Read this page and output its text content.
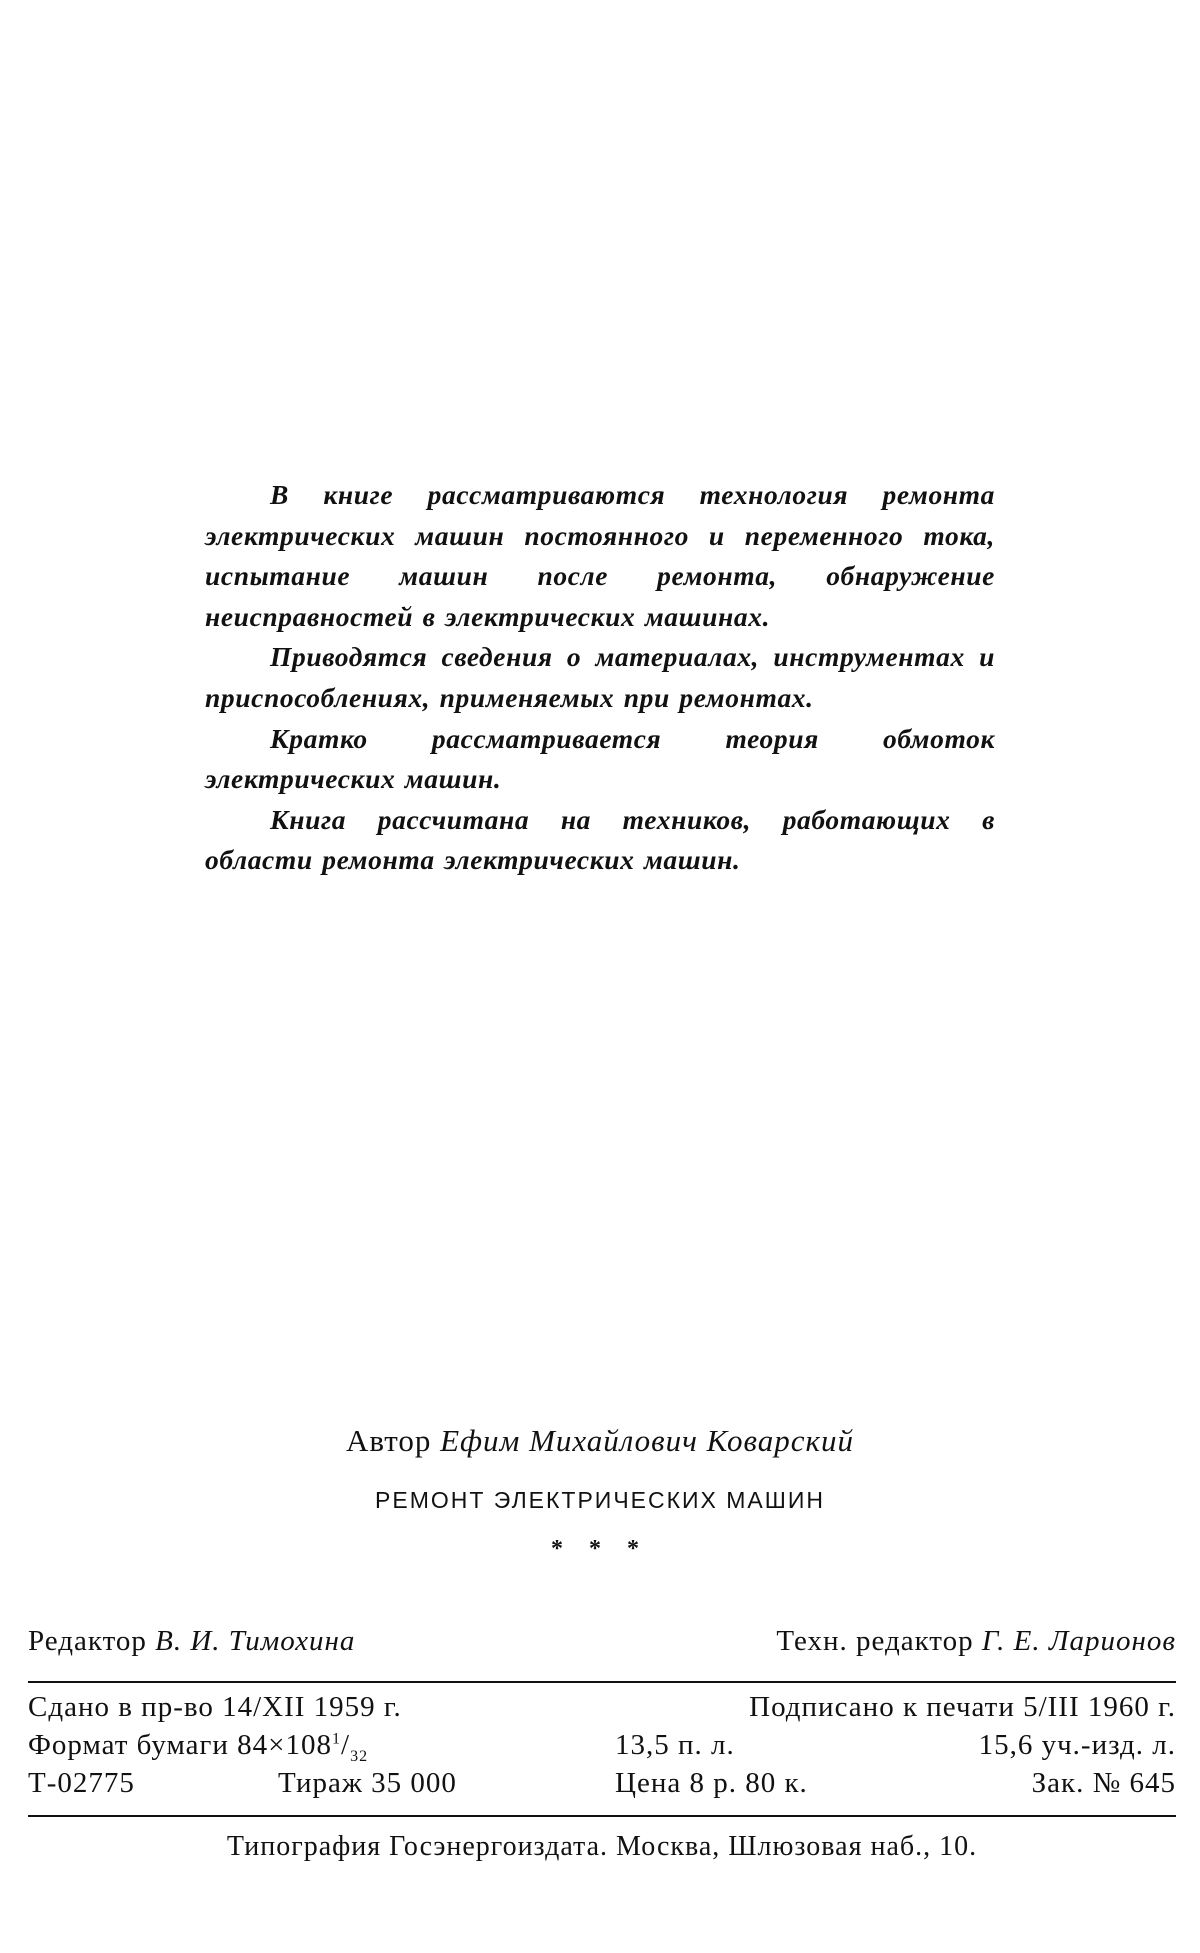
В книге рассматриваются технология ремонта электрических машин постоянного и переменного тока, испытание машин после ремонта, обнаружение неисправностей в электрических машинах.

Приводятся сведения о материалах, инструментах и приспособлениях, применяемых при ремонтах.

Кратко рассматривается теория обмоток электрических машин.

Книга рассчитана на техников, работающих в области ремонта электрических машин.

Автор Ефим Михайлович Коварский
РЕМОНТ ЭЛЕКТРИЧЕСКИХ МАШИН
* * *
Редактор В. И. Тимохина	Техн. редактор Г. Е. Ларионов
Сдано в пр-во 14/XII 1959 г.	Подписано к печати 5/III 1960 г.
Формат бумаги $84\times 108^1/_{32}$	13,5 п. л.	15,6 уч.-изд. л.
Т-02775	Тираж 35 000	Цена 8 р. 80 к.	Зак. № 645
Типография Госэнергоиздата. Москва, Шлюзовая наб., 10.
